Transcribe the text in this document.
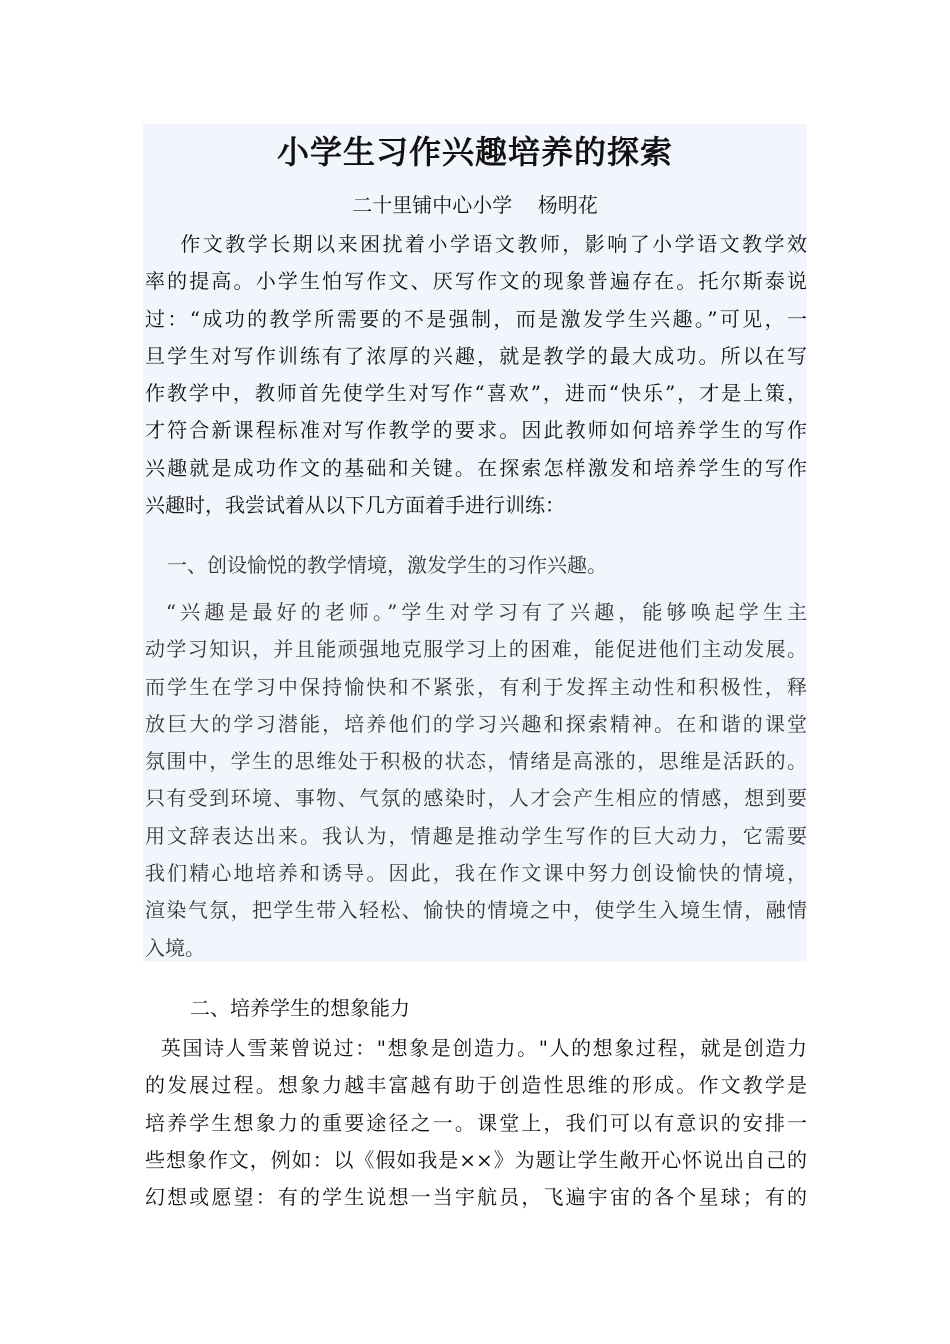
小学生习作兴趣培养的探索

二十里铺中心小学    杨明花

作文教学长期以来困扰着小学语文教师，影响了小学语文教学效
率的提高。小学生怕写作文、厌写作文的现象普遍存在。托尔斯泰说
过：“成功的教学所需要的不是强制，而是激发学生兴趣。”可见，一
旦学生对写作训练有了浓厚的兴趣，就是教学的最大成功。所以在写
作教学中，教师首先使学生对写作“喜欢”，进而“快乐”，才是上策，
才符合新课程标准对写作教学的要求。因此教师如何培养学生的写作
兴趣就是成功作文的基础和关键。在探索怎样激发和培养学生的写作
兴趣时，我尝试着从以下几方面着手进行训练：

一、创设愉悦的教学情境，激发学生的习作兴趣。

“兴趣是最好的老师。”学生对学习有了兴趣，能够唤起学生主
动学习知识，并且能顽强地克服学习上的困难，能促进他们主动发展。
而学生在学习中保持愉快和不紧张，有利于发挥主动性和积极性，释
放巨大的学习潜能，培养他们的学习兴趣和探索精神。在和谐的课堂
氛围中，学生的思维处于积极的状态，情绪是高涨的，思维是活跃的。
只有受到环境、事物、气氛的感染时，人才会产生相应的情感，想到要
用文辞表达出来。我认为，情趣是推动学生写作的巨大动力，它需要
我们精心地培养和诱导。因此，我在作文课中努力创设愉快的情境，
渲染气氛，把学生带入轻松、愉快的情境之中，使学生入境生情，融情
入境。

二、培养学生的想象能力

英国诗人雪莱曾说过："想象是创造力。"人的想象过程，就是创造力
的发展过程。想象力越丰富越有助于创造性思维的形成。作文教学是
培养学生想象力的重要途径之一。课堂上，我们可以有意识的安排一
些想象作文，例如：以《假如我是××》为题让学生敞开心怀说出自己的
幻想或愿望：有的学生说想一当宇航员，飞遍宇宙的各个星球；有的
